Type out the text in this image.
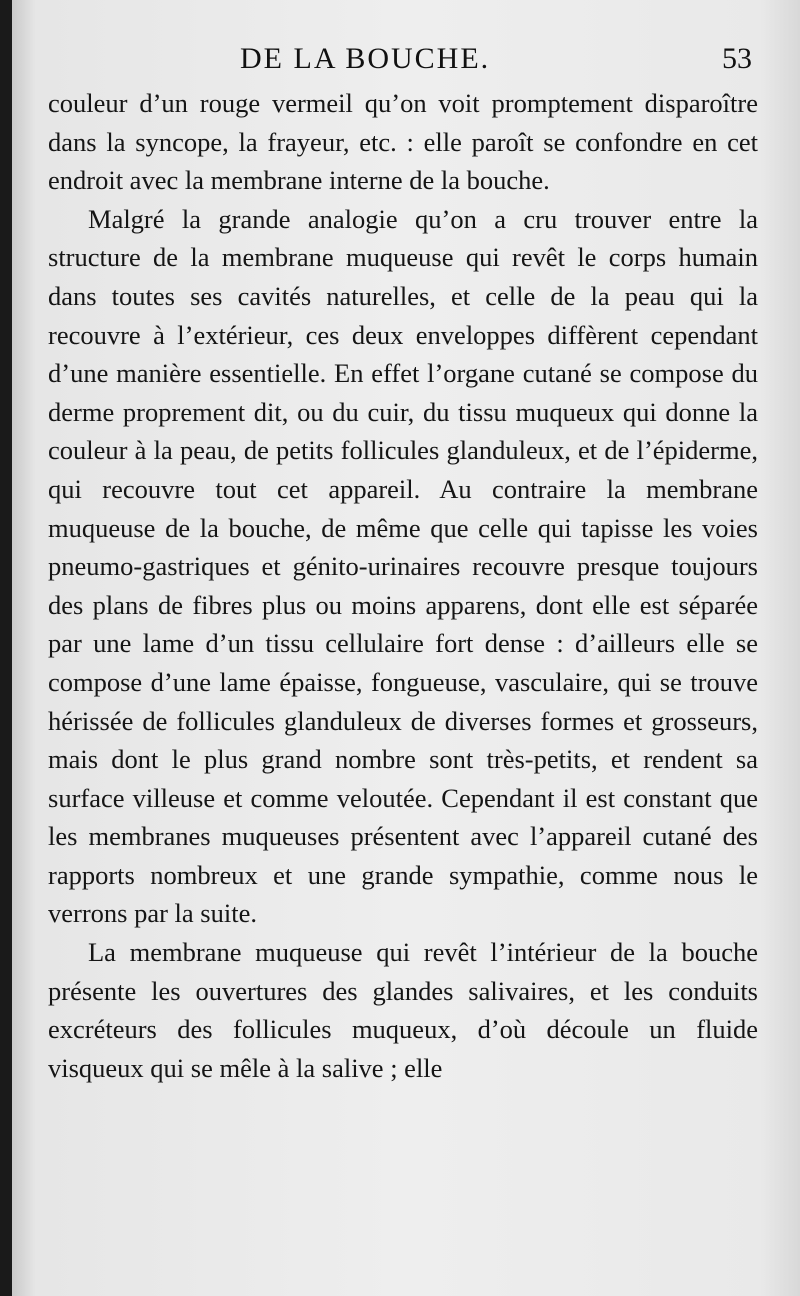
DE LA BOUCHE.	53

couleur d’un rouge vermeil qu’on voit promptement disparoître dans la syncope, la frayeur, etc. : elle paroît se confondre en cet endroit avec la membrane interne de la bouche.

Malgré la grande analogie qu’on a cru trouver entre la structure de la membrane muqueuse qui revêt le corps humain dans toutes ses cavités naturelles, et celle de la peau qui la recouvre à l’extérieur, ces deux enveloppes diffèrent cependant d’une manière essentielle. En effet l’organe cutané se compose du derme proprement dit, ou du cuir, du tissu muqueux qui donne la couleur à la peau, de petits follicules glanduleux, et de l’épiderme, qui recouvre tout cet appareil. Au contraire la membrane muqueuse de la bouche, de même que celle qui tapisse les voies pneumo-gastriques et génito-urinaires recouvre presque toujours des plans de fibres plus ou moins apparens, dont elle est séparée par une lame d’un tissu cellulaire fort dense : d’ailleurs elle se compose d’une lame épaisse, fongueuse, vasculaire, qui se trouve hérissée de follicules glanduleux de diverses formes et grosseurs, mais dont le plus grand nombre sont très-petits, et rendent sa surface villeuse et comme veloutée. Cependant il est constant que les membranes muqueuses présentent avec l’appareil cutané des rapports nombreux et une grande sympathie, comme nous le verrons par la suite.

La membrane muqueuse qui revêt l’intérieur de la bouche présente les ouvertures des glandes salivaires, et les conduits excréteurs des follicules muqueux, d’où découle un fluide visqueux qui se mêle à la salive ; elle
